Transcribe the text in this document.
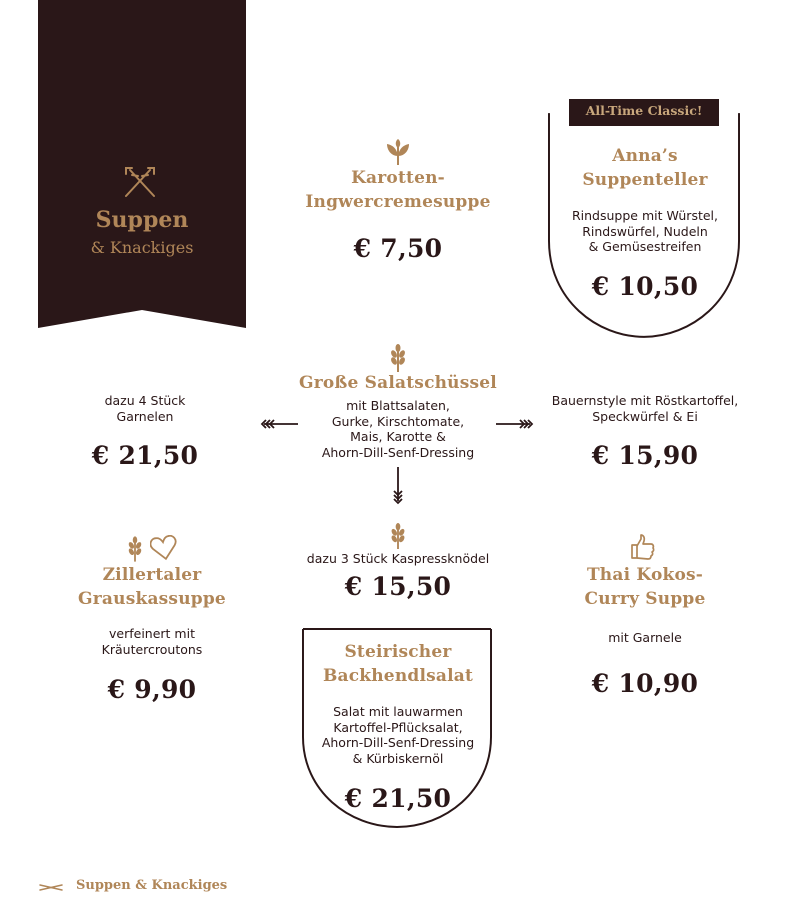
Suppen
& Knackiges
Karotten-
Ingwercremesuppe
€ 7,50
All-Time Classic!
Anna’s
Suppenteller
Rindsuppe mit Würstel,
Rindswürfel, Nudeln
& Gemüsestreifen
€ 10,50
Große Salatschüssel
mit Blattsalaten,
Gurke, Kirschtomate,
Mais, Karotte &
Ahorn-Dill-Senf-Dressing
dazu 4 Stück
Garnelen
€ 21,50
Bauernstyle mit Röstkartoffel,
Speckwürfel & Ei
€ 15,90
dazu 3 Stück Kaspressknödel
€ 15,50
Zillertaler
Grauskassuppe
verfeinert mit
Kräutercroutons
€ 9,90
Steirischer
Backhendlsalat
Salat mit lauwarmen
Kartoffel-Pflücksalat,
Ahorn-Dill-Senf-Dressing
& Kürbiskernöl
€ 21,50
Thai Kokos-
Curry Suppe
mit Garnele
€ 10,90
Suppen & Knackiges
